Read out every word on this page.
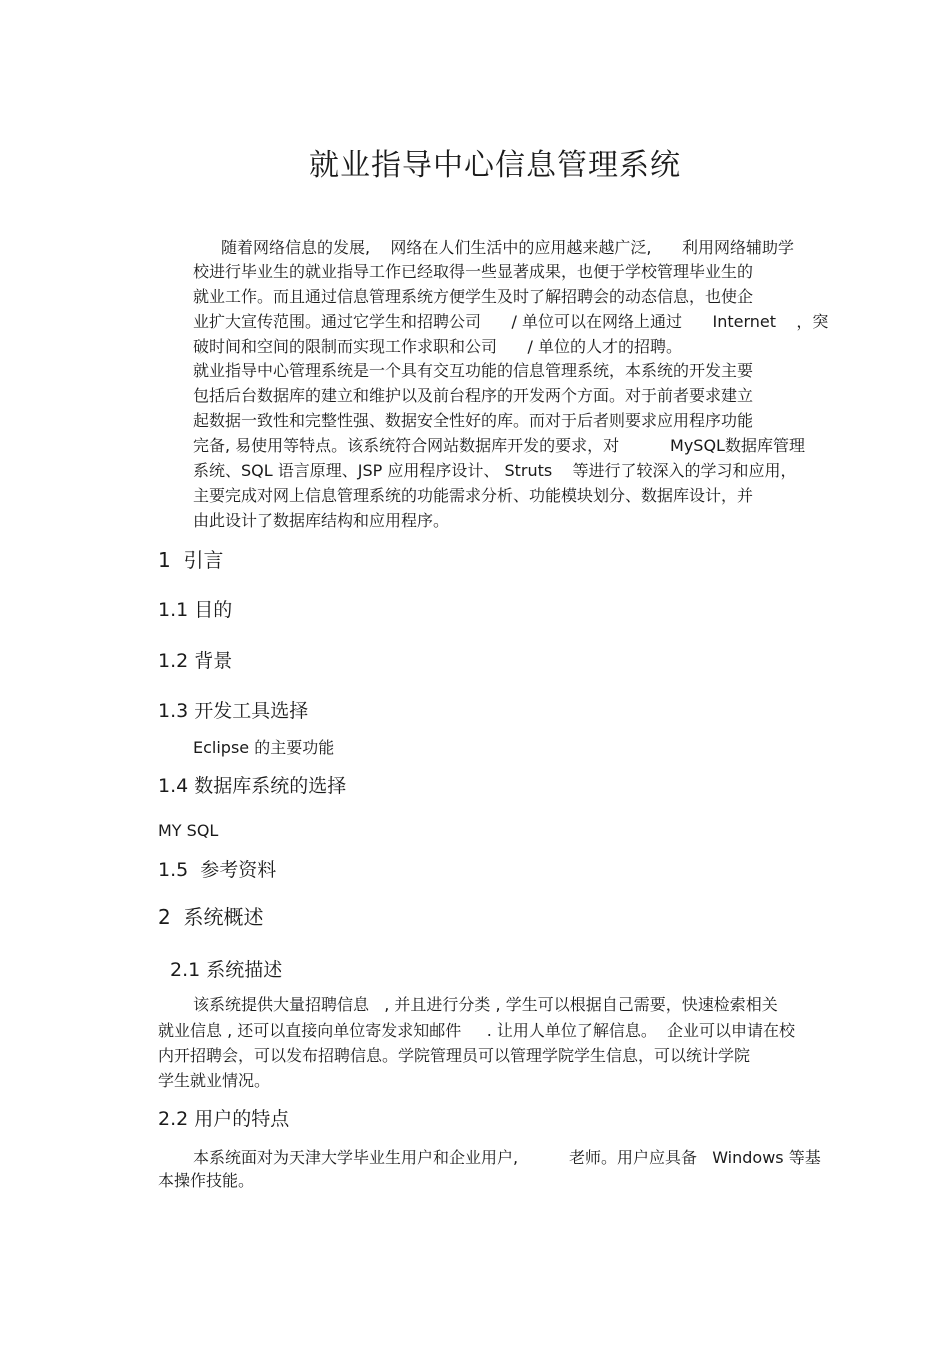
就业指导中心信息管理系统
随着网络信息的发展,    网络在人们生活中的应用越来越广泛,      利用网络辅助学
校进行毕业生的就业指导工作已经取得一些显著成果，也便于学校管理毕业生的
就业工作。而且通过信息管理系统方便学生及时了解招聘会的动态信息，也使企
业扩大宣传范围。通过它学生和招聘公司      / 单位可以在网络上通过      Internet    ，突
破时间和空间的限制而实现工作求职和公司      / 单位的人才的招聘。
就业指导中心管理系统是一个具有交互功能的信息管理系统，本系统的开发主要
包括后台数据库的建立和维护以及前台程序的开发两个方面。对于前者要求建立
起数据一致性和完整性强、数据安全性好的库。而对于后者则要求应用程序功能
完备, 易使用等特点。该系统符合网站数据库开发的要求，对          MySQL数据库管理
系统、SQL 语言原理、JSP 应用程序设计、 Struts    等进行了较深入的学习和应用，
主要完成对网上信息管理系统的功能需求分析、功能模块划分、数据库设计，并
由此设计了数据库结构和应用程序。
1  引言
1.1 目的
1.2 背景
1.3 开发工具选择
Eclipse 的主要功能
1.4 数据库系统的选择
MY SQL
1.5  参考资料
2  系统概述
2.1 系统描述
该系统提供大量招聘信息   , 并且进行分类 , 学生可以根据自己需要，快速检索相关
就业信息 , 还可以直接向单位寄发求知邮件     . 让用人单位了解信息。  企业可以申请在校
内开招聘会，可以发布招聘信息。学院管理员可以管理学院学生信息，可以统计学院
学生就业情况。
2.2 用户的特点
本系统面对为天津大学毕业生用户和企业用户,          老师。用户应具备   Windows 等基
本操作技能。
